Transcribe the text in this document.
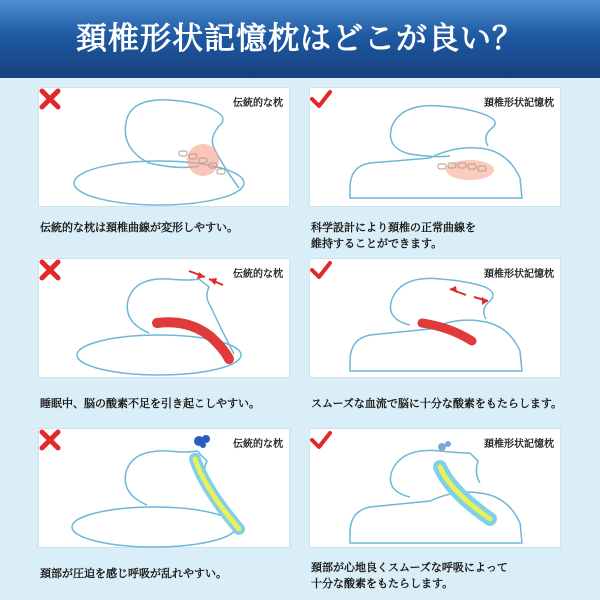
頚椎形状記憶枕はどこが良い？
伝統的な枕
伝統的な枕は頚椎曲線が変形しやすい。
頚椎形状記憶枕
科学設計により頚椎の正常曲線を
維持することができます。
伝統的な枕
睡眠中、脳の酸素不足を引き起こしやすい。
頚椎形状記憶枕
スムーズな血流で脳に十分な酸素をもたらします。
伝統的な枕
頚部が圧迫を感じ呼吸が乱れやすい。
頚椎形状記憶枕
頚部が心地良くスムーズな呼吸によって
十分な酸素をもたらします。
